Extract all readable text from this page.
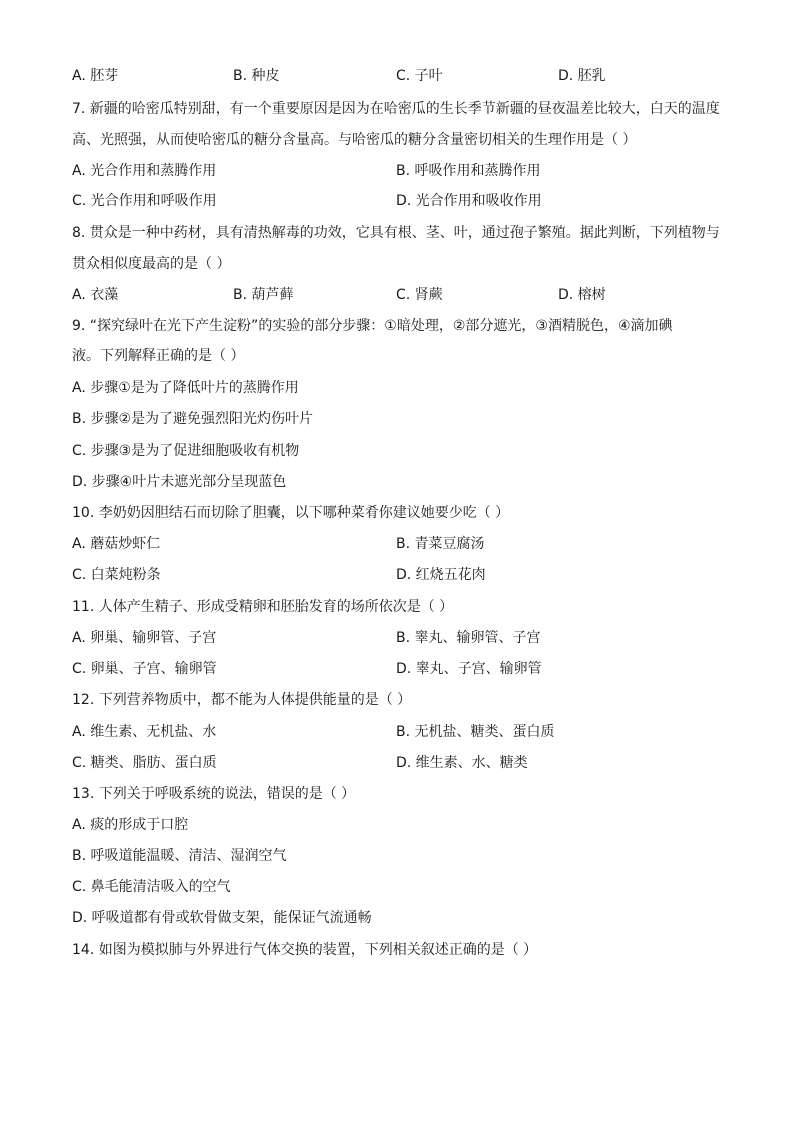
A. 胚芽	B. 种皮	C. 子叶	D. 胚乳
7. 新疆的哈密瓜特别甜，有一个重要原因是因为在哈密瓜的生长季节新疆的昼夜温差比较大，白天的温度
高、光照强，从而使哈密瓜的糖分含量高。与哈密瓜的糖分含量密切相关的生理作用是（ ）
A. 光合作用和蒸腾作用	B. 呼吸作用和蒸腾作用
C. 光合作用和呼吸作用	D. 光合作用和吸收作用
8. 贯众是一种中药材，具有清热解毒的功效，它具有根、茎、叶，通过孢子繁殖。据此判断，下列植物与
贯众相似度最高的是（ ）
A. 衣藻	B. 葫芦藓	C. 肾蕨	D. 榕树
9. “探究绿叶在光下产生淀粉”的实验的部分步骤：①暗处理，②部分遮光，③酒精脱色，④滴加碘
液。下列解释正确的是（ ）
A. 步骤①是为了降低叶片的蒸腾作用
B. 步骤②是为了避免强烈阳光灼伤叶片
C. 步骤③是为了促进细胞吸收有机物
D. 步骤④叶片未遮光部分呈现蓝色
10. 李奶奶因胆结石而切除了胆囊，以下哪种菜肴你建议她要少吃（ ）
A. 蘑菇炒虾仁	B. 青菜豆腐汤
C. 白菜炖粉条	D. 红烧五花肉
11. 人体产生精子、形成受精卵和胚胎发育的场所依次是（ ）
A. 卵巢、输卵管、子宫	B. 睾丸、输卵管、子宫
C. 卵巢、子宫、输卵管	D. 睾丸、子宫、输卵管
12. 下列营养物质中，都不能为人体提供能量的是（ ）
A. 维生素、无机盐、水	B. 无机盐、糖类、蛋白质
C. 糖类、脂肪、蛋白质	D. 维生素、水、糖类
13. 下列关于呼吸系统的说法，错误的是（ ）
A. 痰的形成于口腔
B. 呼吸道能温暖、清洁、湿润空气
C. 鼻毛能清洁吸入的空气
D. 呼吸道都有骨或软骨做支架，能保证气流通畅
14. 如图为模拟肺与外界进行气体交换的装置，下列相关叙述正确的是（ ）
